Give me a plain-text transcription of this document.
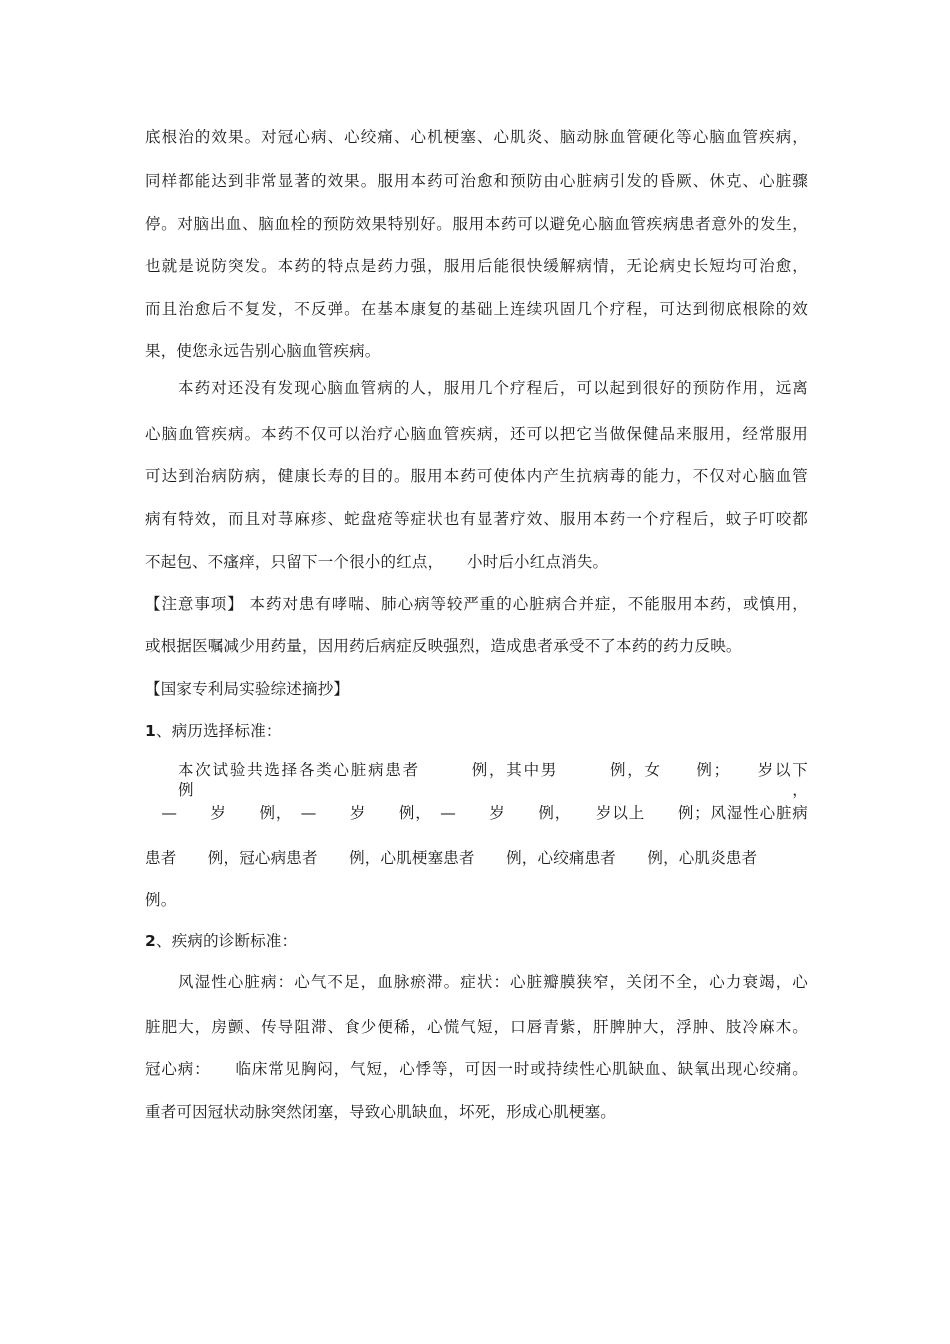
底根治的效果。对冠心病、心绞痛、心机梗塞、心肌炎、脑动脉血管硬化等心脑血管疾病，
同样都能达到非常显著的效果。服用本药可治愈和预防由心脏病引发的昏厥、休克、心脏骤
停。对脑出血、脑血栓的预防效果特别好。服用本药可以避免心脑血管疾病患者意外的发生，
也就是说防突发。本药的特点是药力强，服用后能很快缓解病情，无论病史长短均可治愈，
而且治愈后不复发，不反弹。在基本康复的基础上连续巩固几个疗程，可达到彻底根除的效
果，使您永远告别心脑血管疾病。
本药对还没有发现心脑血管病的人，服用几个疗程后，可以起到很好的预防作用，远离
心脑血管疾病。本药不仅可以治疗心脑血管疾病，还可以把它当做保健品来服用，经常服用
可达到治病防病，健康长寿的目的。服用本药可使体内产生抗病毒的能力，不仅对心脑血管
病有特效，而且对荨麻疹、蛇盘疮等症状也有显著疗效、服用本药一个疗程后，蚊子叮咬都
不起包、不瘙痒，只留下一个很小的红点，　　小时后小红点消失。
【注意事项】 本药对患有哮喘、肺心病等较严重的心脏病合并症，不能服用本药，或慎用，
或根据医嘱减少用药量，因用药后病症反映强烈，造成患者承受不了本药的药力反映。
【国家专利局实验综述摘抄】
1、病历选择标准：
本次试验共选择各类心脏病患者　　　例，其中男　　　例，女　　例；　　岁以下　　　例，
　—　　岁　　例，　—　　岁　　例，　—　　岁　　例，　　岁以上　　例；风湿性心脏病
患者　　例，冠心病患者　　例，心肌梗塞患者　　例，心绞痛患者　　例，心肌炎患者
例。
2、疾病的诊断标准：
风湿性心脏病：心气不足，血脉瘀滞。症状：心脏瓣膜狭窄，关闭不全，心力衰竭，心
脏肥大，房颤、传导阻滞、食少便稀，心慌气短，口唇青紫，肝脾肿大，浮肿、肢冷麻木。
冠心病：　　临床常见胸闷，气短，心悸等，可因一时或持续性心肌缺血、缺氧出现心绞痛。
重者可因冠状动脉突然闭塞，导致心肌缺血，坏死，形成心肌梗塞。
